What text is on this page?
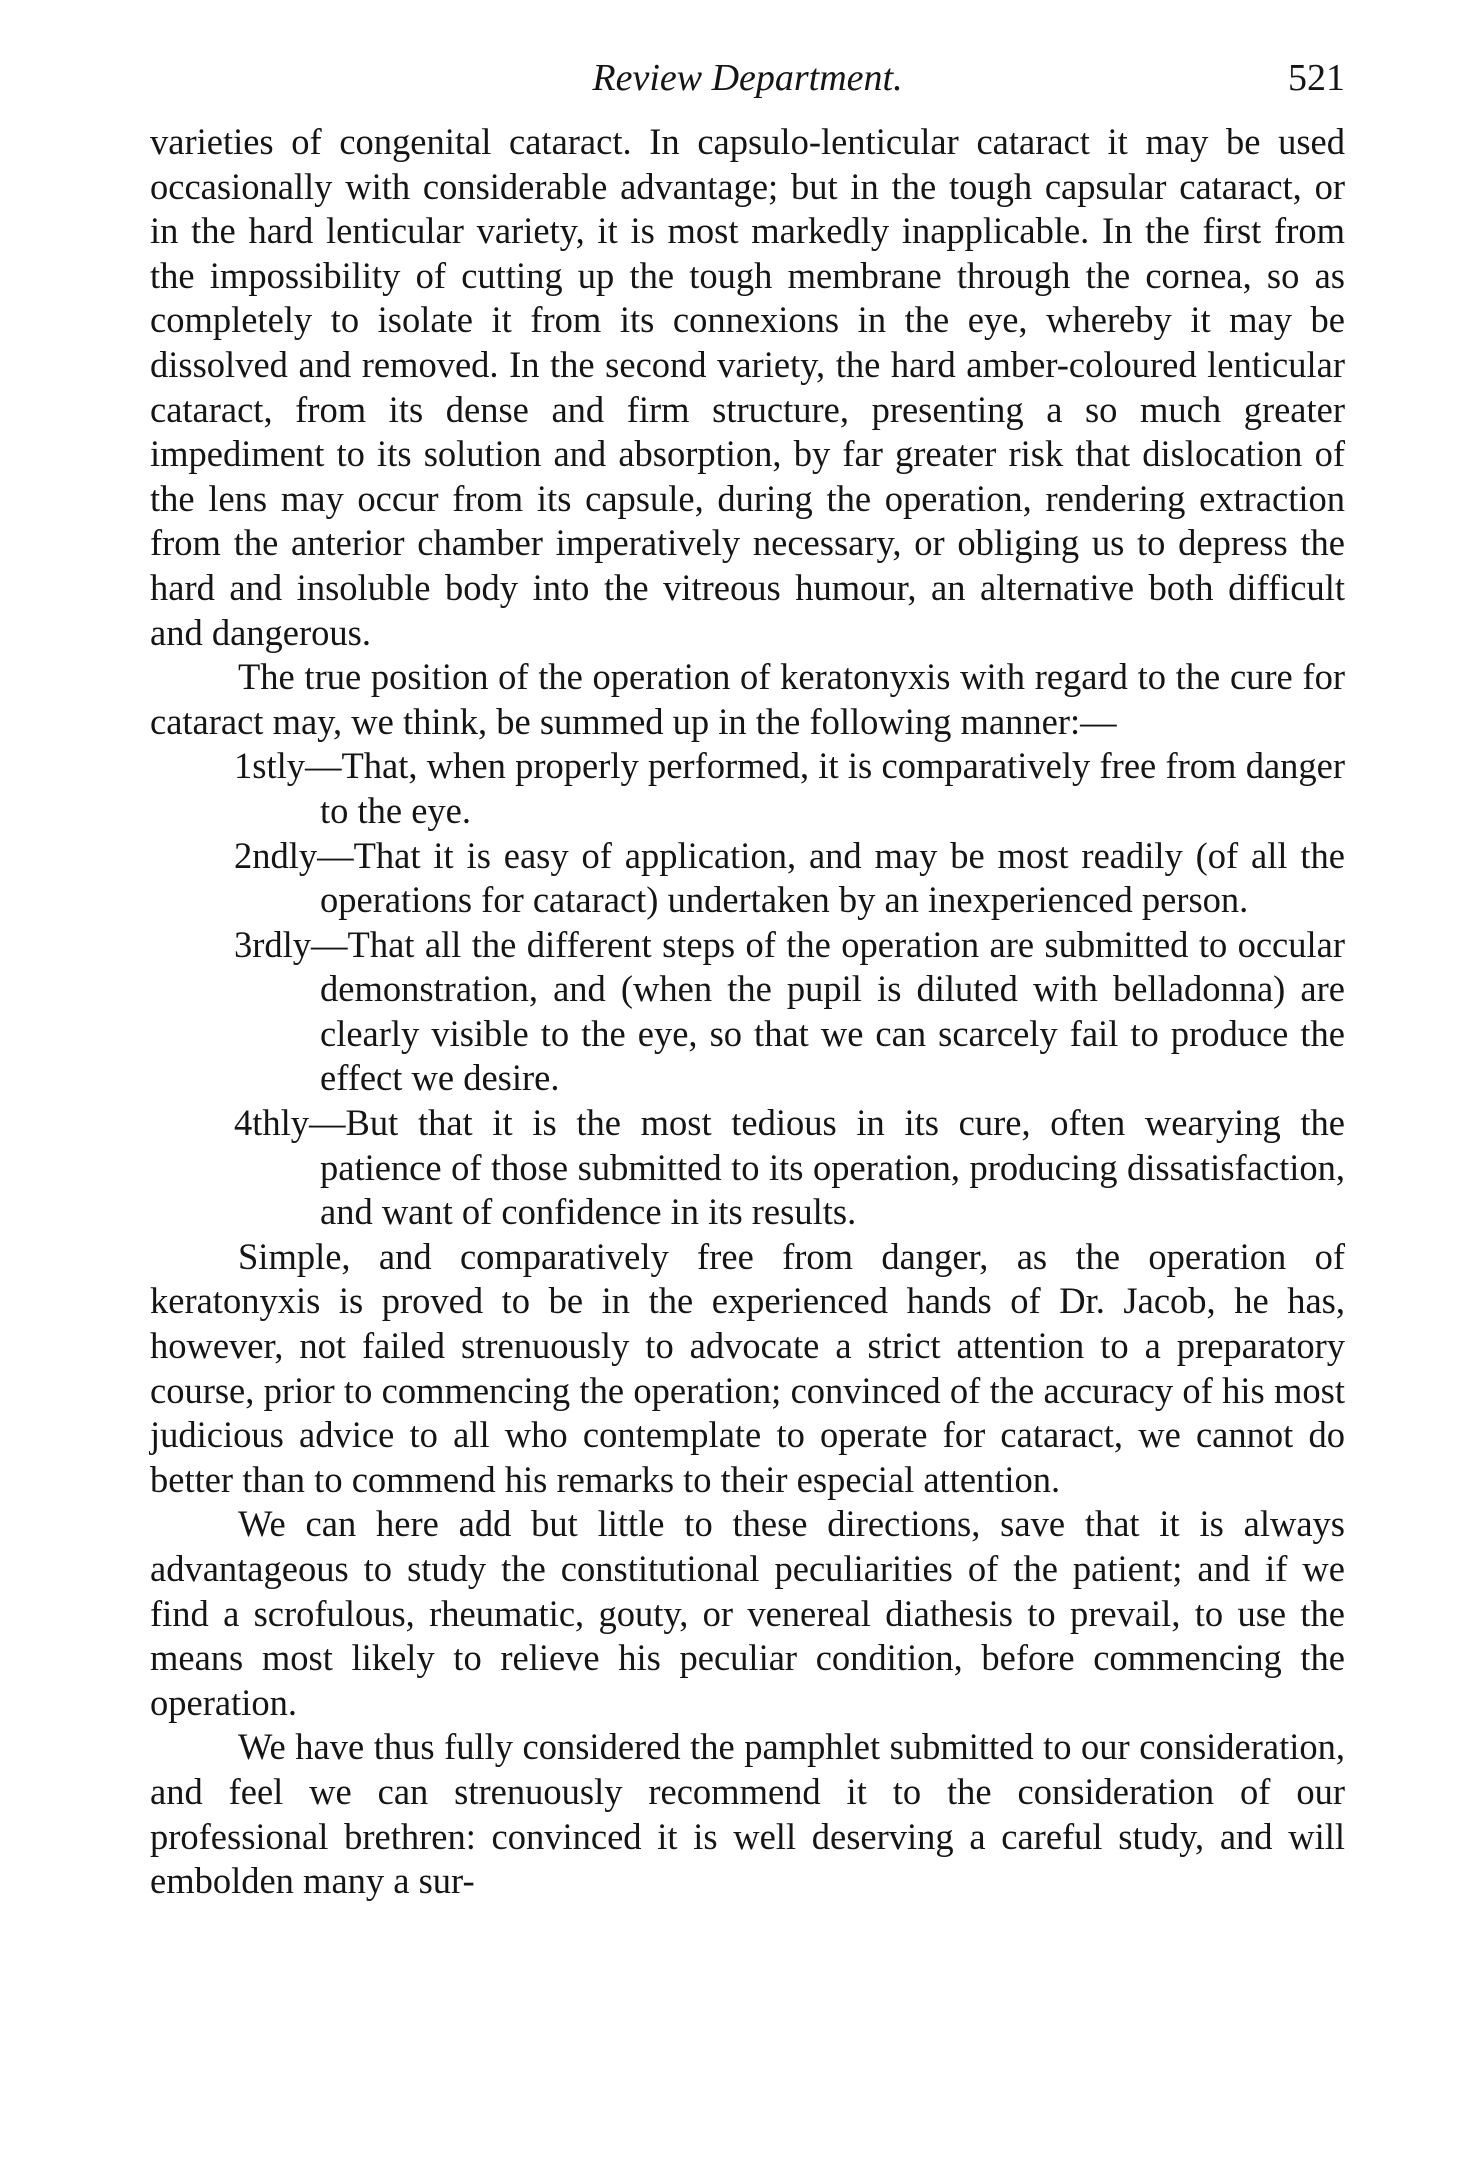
Review Department.	521

varieties of congenital cataract. In capsulo-lenticular cataract it may be used occasionally with considerable advantage; but in the tough capsular cataract, or in the hard lenticular variety, it is most markedly inapplicable. In the first from the impossibility of cutting up the tough membrane through the cornea, so as completely to isolate it from its connexions in the eye, whereby it may be dissolved and removed. In the second variety, the hard amber-coloured lenticular cataract, from its dense and firm structure, presenting a so much greater impediment to its solution and absorption, by far greater risk that dislocation of the lens may occur from its capsule, during the operation, rendering extraction from the anterior chamber imperatively necessary, or obliging us to depress the hard and insoluble body into the vitreous humour, an alternative both difficult and dangerous.

The true position of the operation of keratonyxis with regard to the cure for cataract may, we think, be summed up in the following manner:—

1stly—That, when properly performed, it is comparatively free from danger to the eye.

2ndly—That it is easy of application, and may be most readily (of all the operations for cataract) undertaken by an inexperienced person.

3rdly—That all the different steps of the operation are submitted to occular demonstration, and (when the pupil is diluted with belladonna) are clearly visible to the eye, so that we can scarcely fail to produce the effect we desire.

4thly—But that it is the most tedious in its cure, often wearying the patience of those submitted to its operation, producing dissatisfaction, and want of confidence in its results.

Simple, and comparatively free from danger, as the operation of keratonyxis is proved to be in the experienced hands of Dr. Jacob, he has, however, not failed strenuously to advocate a strict attention to a preparatory course, prior to commencing the operation; convinced of the accuracy of his most judicious advice to all who contemplate to operate for cataract, we cannot do better than to commend his remarks to their especial attention.

We can here add but little to these directions, save that it is always advantageous to study the constitutional peculiarities of the patient; and if we find a scrofulous, rheumatic, gouty, or venereal diathesis to prevail, to use the means most likely to relieve his peculiar condition, before commencing the operation.

We have thus fully considered the pamphlet submitted to our consideration, and feel we can strenuously recommend it to the consideration of our professional brethren: convinced it is well deserving a careful study, and will embolden many a sur-
